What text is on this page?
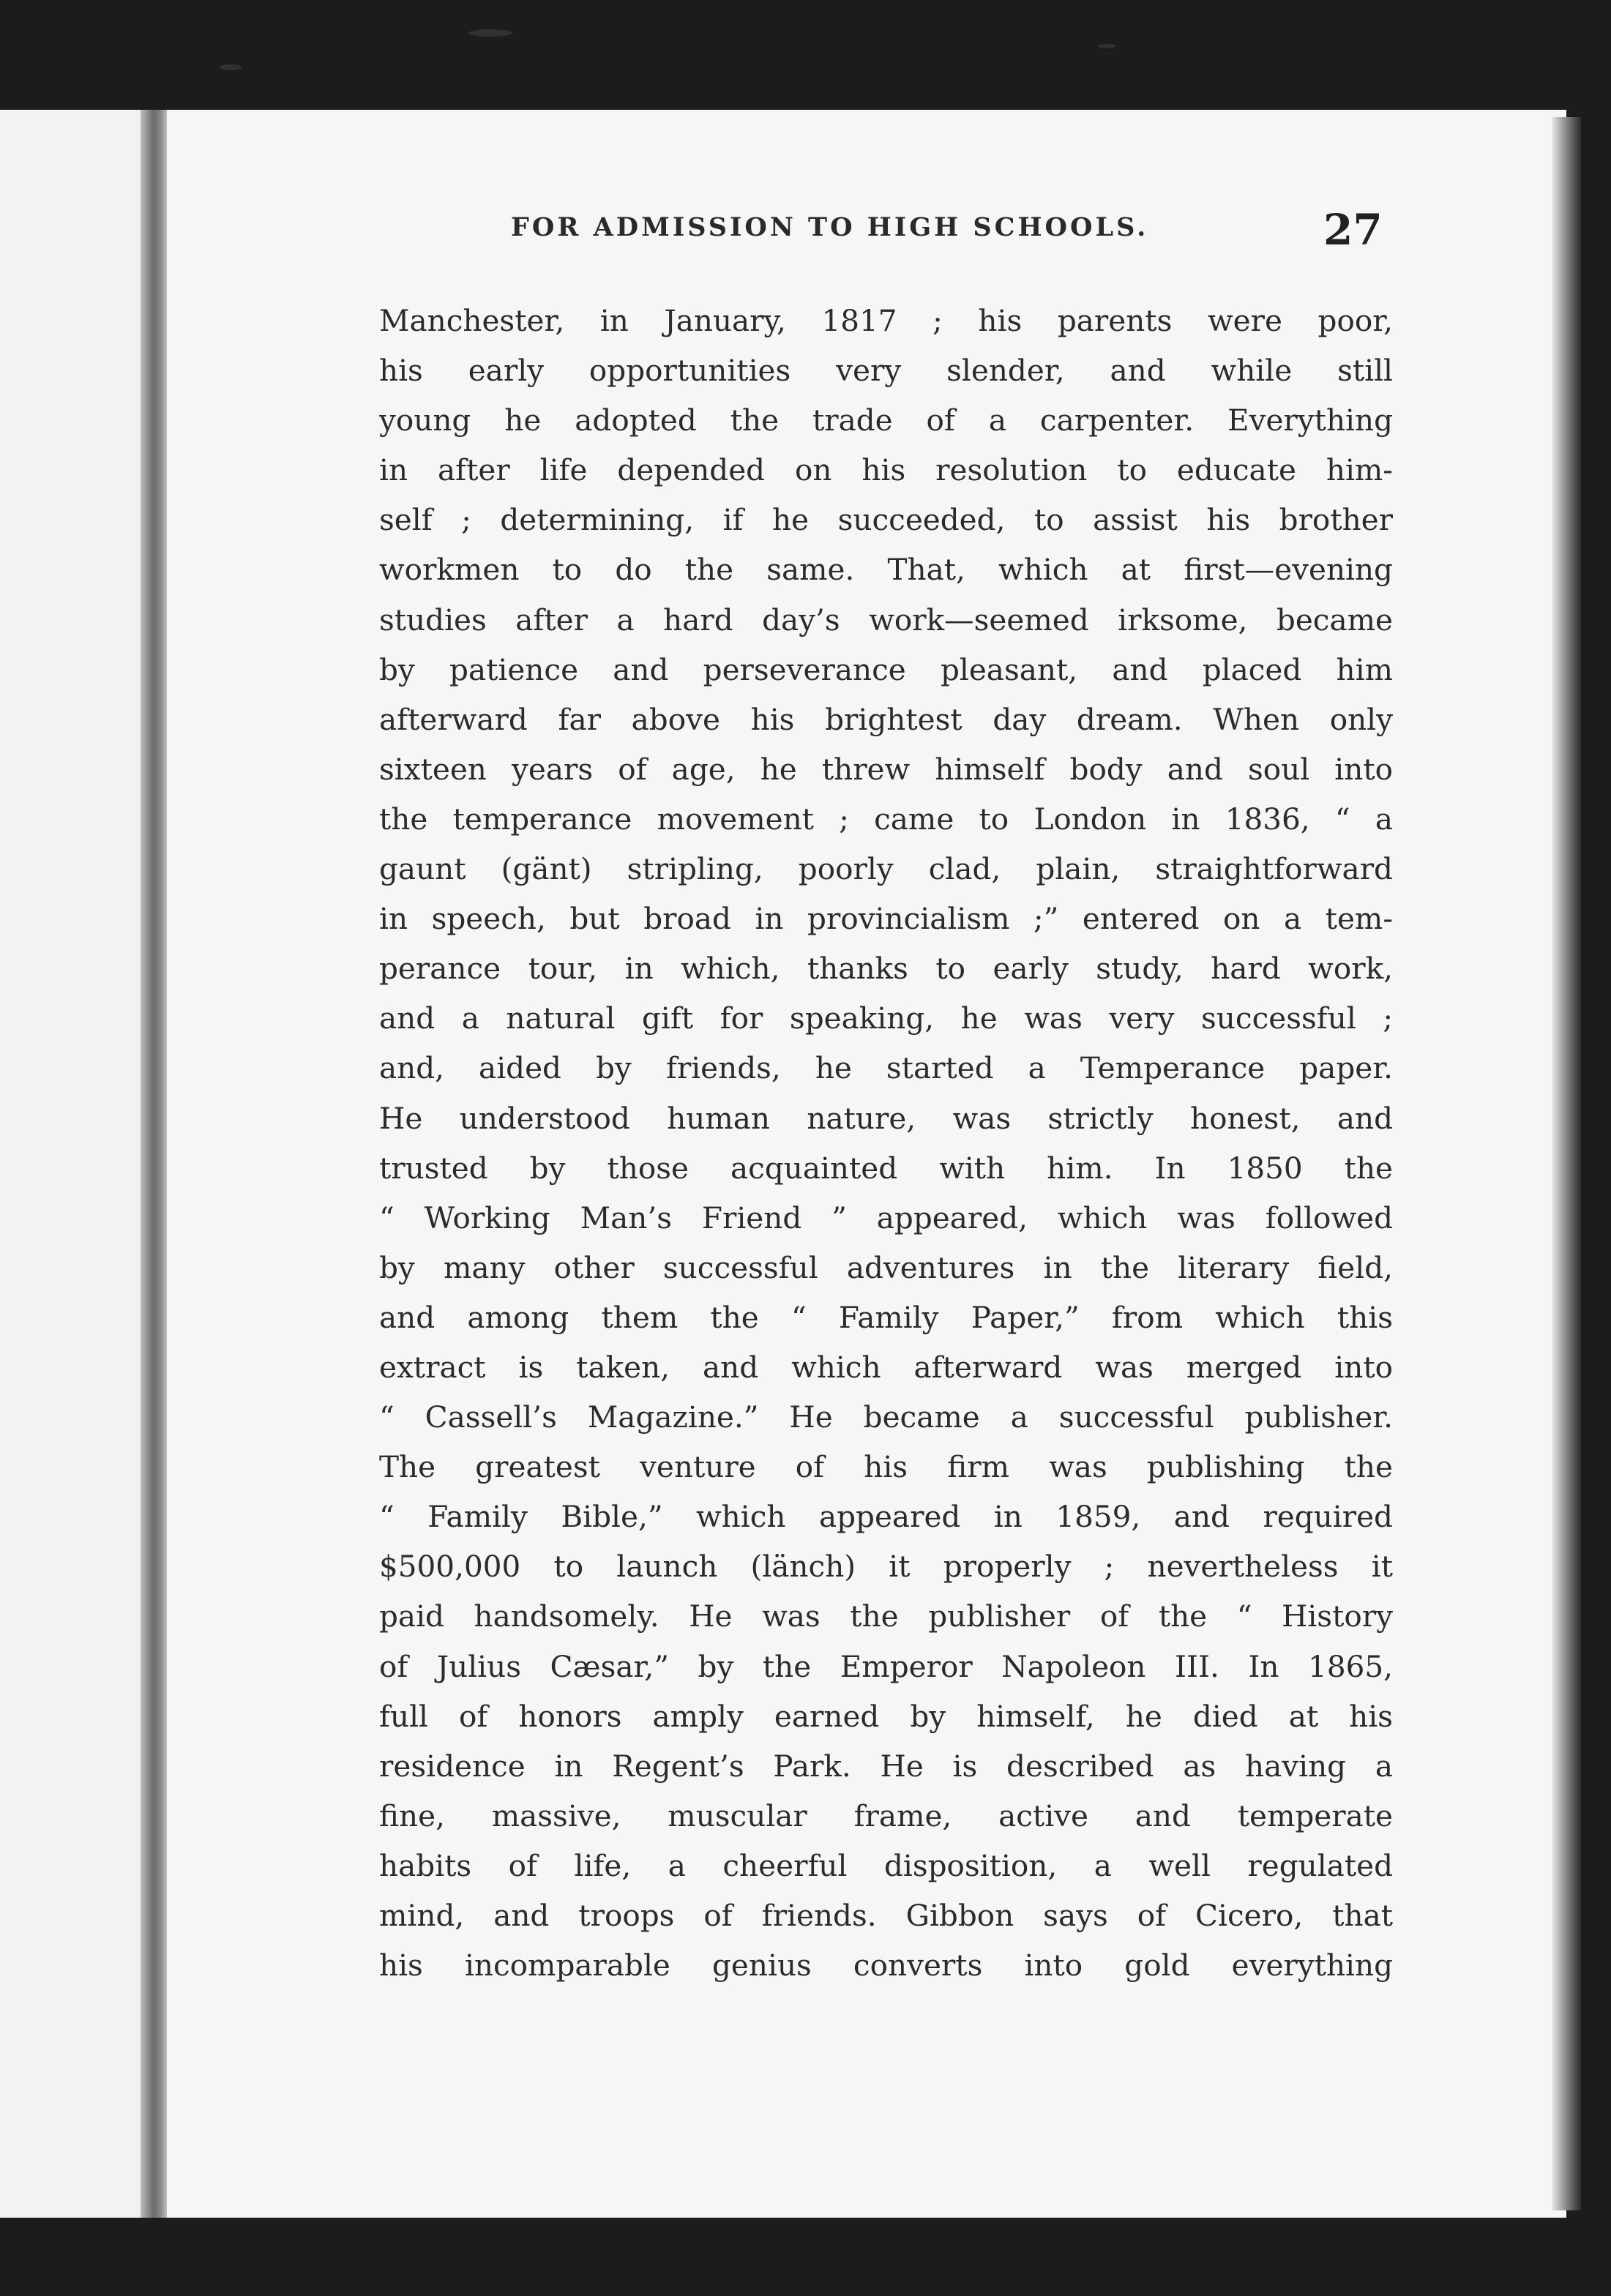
FOR ADMISSION TO HIGH SCHOOLS.	27
Manchester, in January, 1817 ; his parents were poor,
his early opportunities very slender, and while still
young he adopted the trade of a carpenter. Everything
in after life depended on his resolution to educate him-
self ; determining, if he succeeded, to assist his brother
workmen to do the same. That, which at first—evening
studies after a hard day’s work—seemed irksome, became
by patience and perseverance pleasant, and placed him
afterward far above his brightest day dream. When only
sixteen years of age, he threw himself body and soul into
the temperance movement ; came to London in 1836, “ a
gaunt (gänt) stripling, poorly clad, plain, straightforward
in speech, but broad in provincialism ;” entered on a tem-
perance tour, in which, thanks to early study, hard work,
and a natural gift for speaking, he was very successful ;
and, aided by friends, he started a Temperance paper.
He understood human nature, was strictly honest, and
trusted by those acquainted with him. In 1850 the
“ Working Man’s Friend ” appeared, which was followed
by many other successful adventures in the literary field,
and among them the “ Family Paper,” from which this
extract is taken, and which afterward was merged into
“ Cassell’s Magazine.” He became a successful publisher.
The greatest venture of his firm was publishing the
“ Family Bible,” which appeared in 1859, and required
$500,000 to launch (länch) it properly ; nevertheless it
paid handsomely. He was the publisher of the “ History
of Julius Cæsar,” by the Emperor Napoleon III. In 1865,
full of honors amply earned by himself, he died at his
residence in Regent’s Park. He is described as having a
fine, massive, muscular frame, active and temperate
habits of life, a cheerful disposition, a well regulated
mind, and troops of friends. Gibbon says of Cicero, that
his incomparable genius converts into gold everything
